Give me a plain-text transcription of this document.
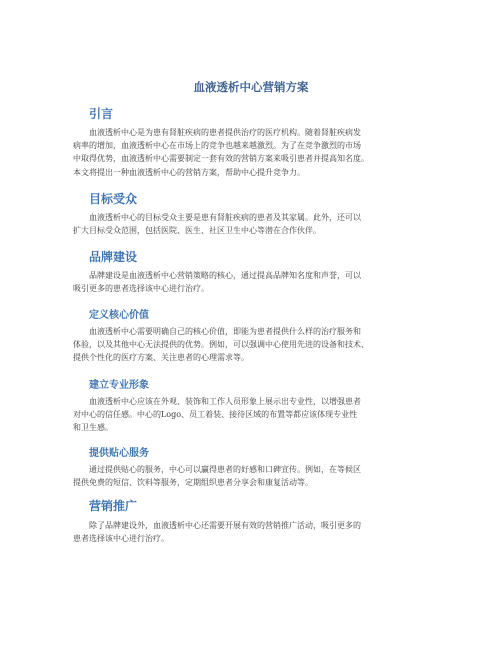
血液透析中心营销方案
引言
血液透析中心是为患有肾脏疾病的患者提供治疗的医疗机构。随着肾脏疾病发
病率的增加，血液透析中心在市场上的竞争也越来越激烈。为了在竞争激烈的市场
中取得优势，血液透析中心需要制定一套有效的营销方案来吸引患者并提高知名度。
本文将提出一种血液透析中心的营销方案，帮助中心提升竞争力。
目标受众
血液透析中心的目标受众主要是患有肾脏疾病的患者及其家属。此外，还可以
扩大目标受众范围，包括医院、医生、社区卫生中心等潜在合作伙伴。
品牌建设
品牌建设是血液透析中心营销策略的核心，通过提高品牌知名度和声誉，可以
吸引更多的患者选择该中心进行治疗。
定义核心价值
血液透析中心需要明确自己的核心价值，即能为患者提供什么样的治疗服务和
体验，以及其他中心无法提供的优势。例如，可以强调中心使用先进的设备和技术、
提供个性化的医疗方案、关注患者的心理需求等。
建立专业形象
血液透析中心应该在外观、装饰和工作人员形象上展示出专业性，以增强患者
对中心的信任感。中心的Logo、员工着装、接待区域的布置等都应该体现专业性
和卫生感。
提供贴心服务
通过提供贴心的服务，中心可以赢得患者的好感和口碑宣传。例如，在等候区
提供免费的短信、饮料等服务，定期组织患者分享会和康复活动等。
营销推广
除了品牌建设外，血液透析中心还需要开展有效的营销推广活动，吸引更多的
患者选择该中心进行治疗。
